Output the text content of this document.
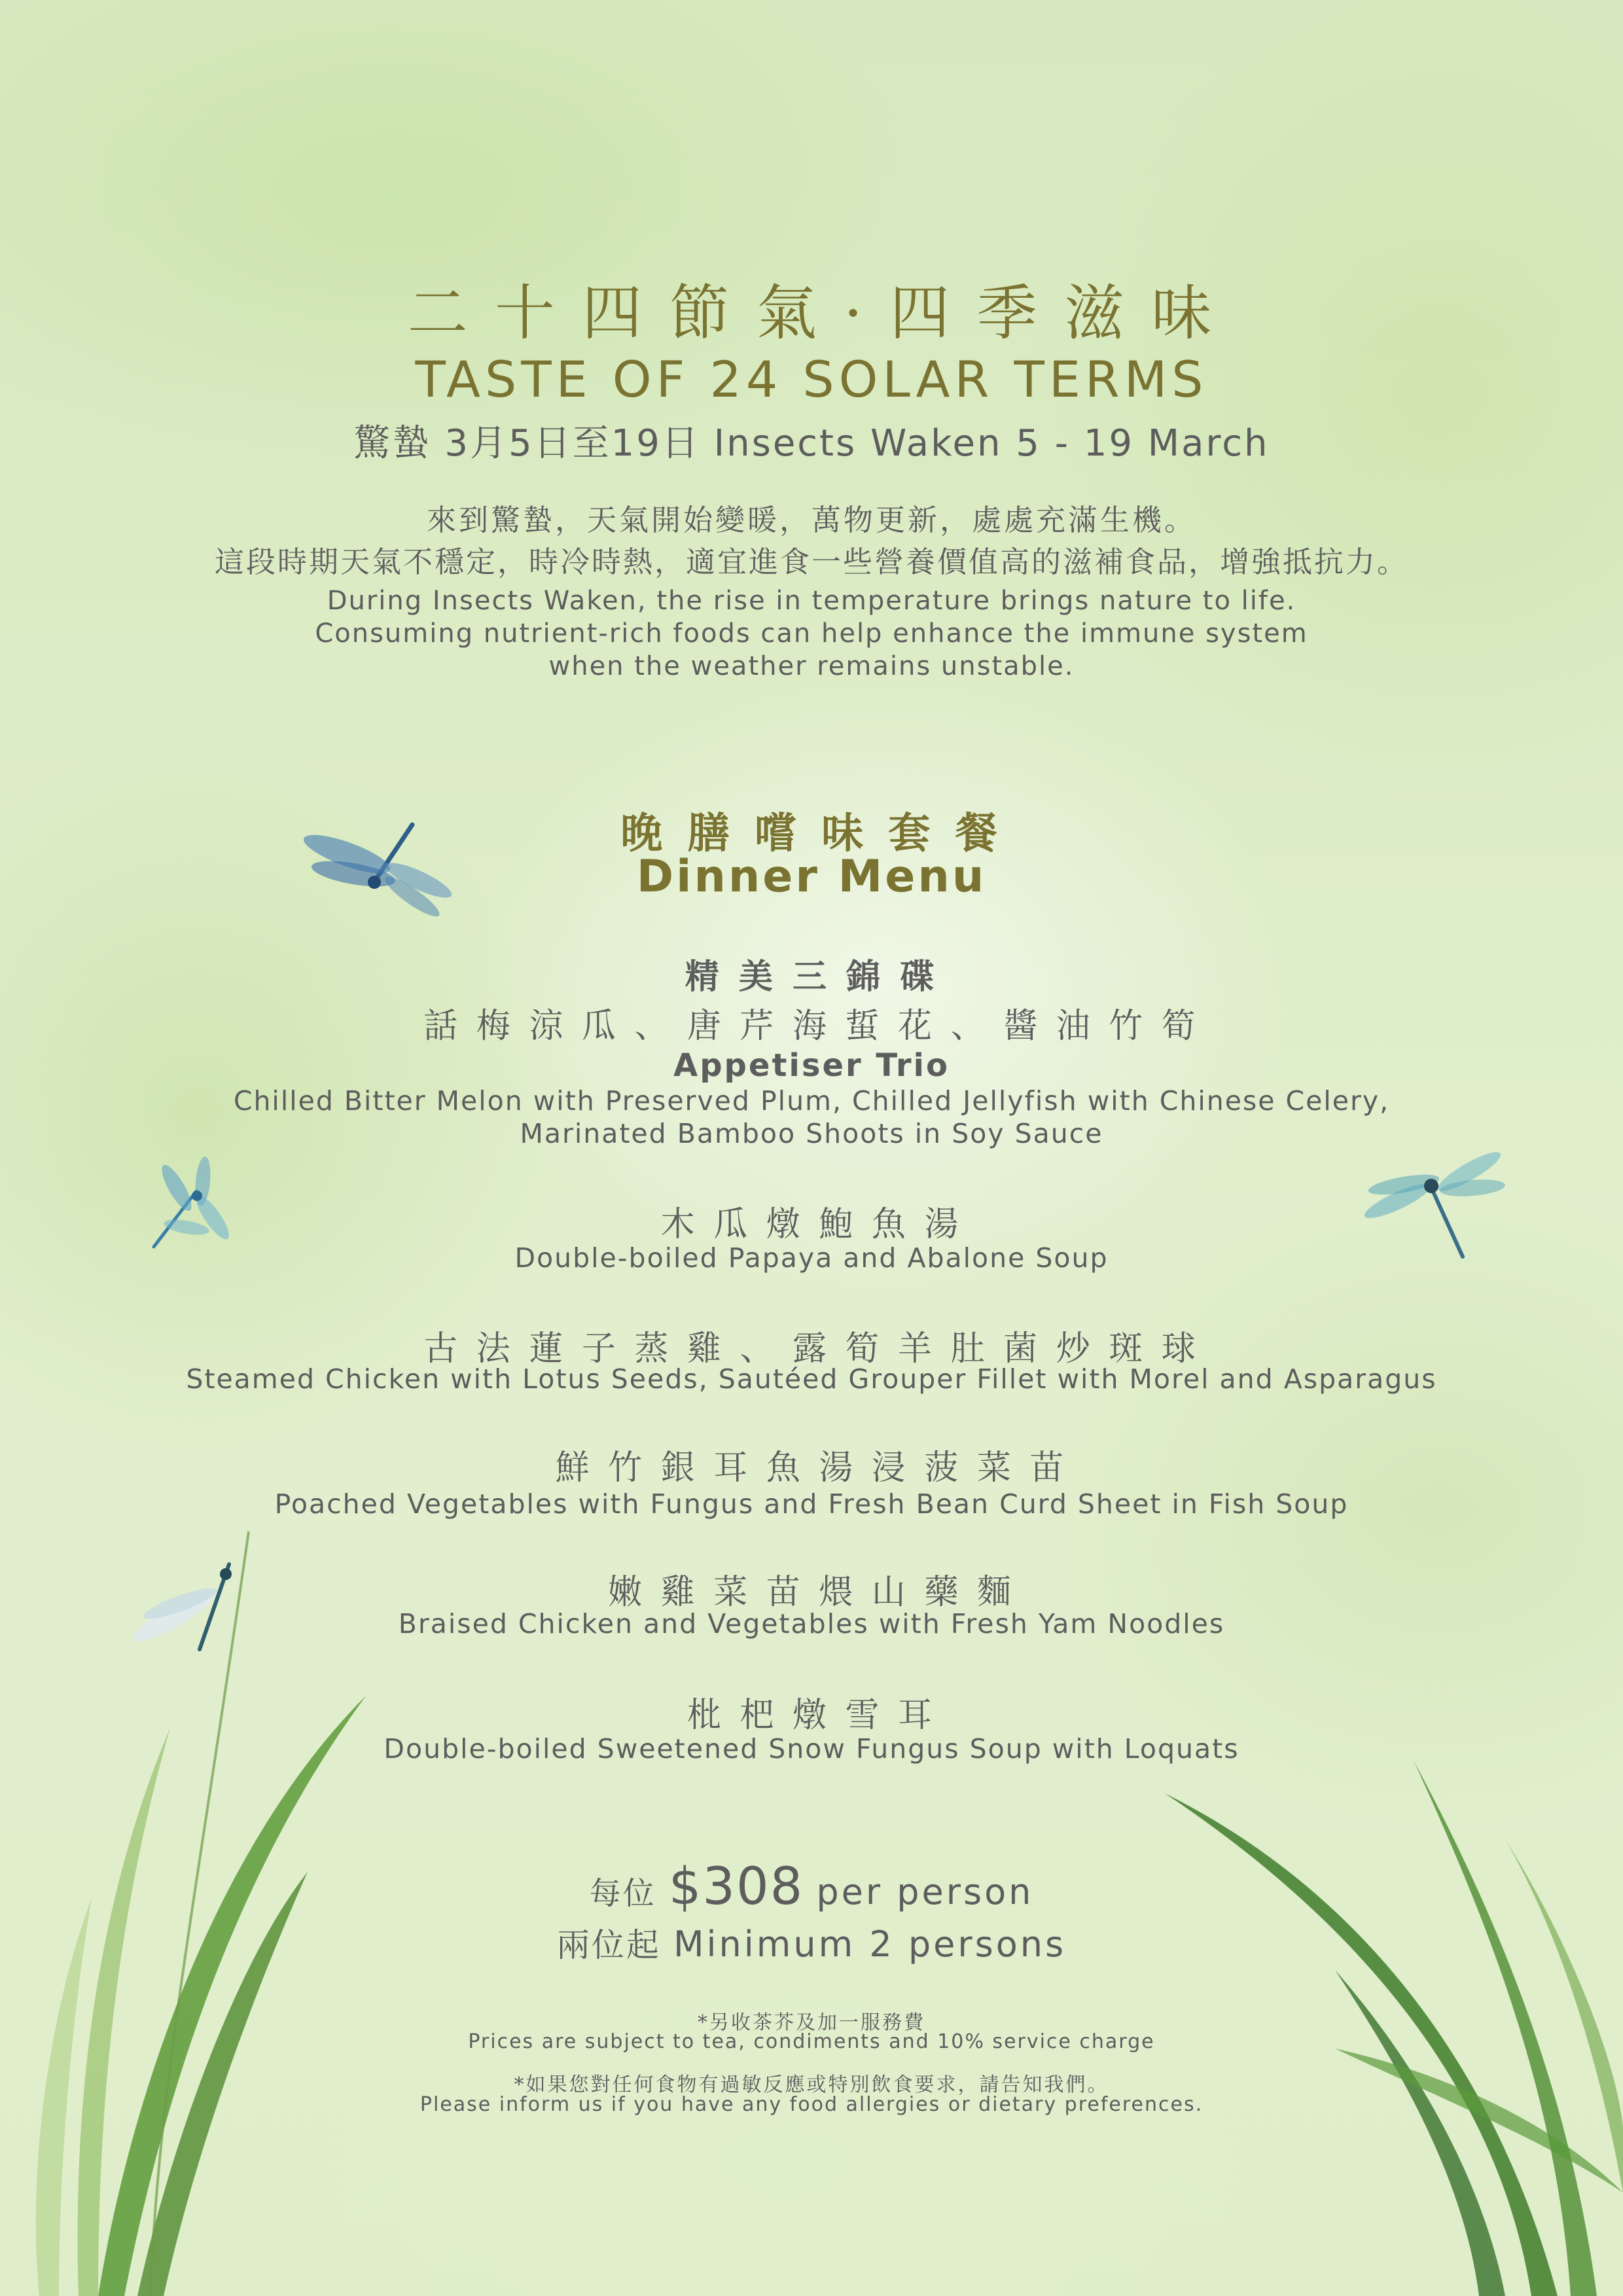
二 十 四 節 氣 · 四 季 滋 味
TASTE OF 24 SOLAR TERMS
驚蟄 3月5日至19日 Insects Waken 5 - 19 March
來到驚蟄，天氣開始變暖，萬物更新，處處充滿生機。
這段時期天氣不穩定，時冷時熱，適宜進食一些營養價值高的滋補食品，增強抵抗力。
During Insects Waken, the rise in temperature brings nature to life.
Consuming nutrient-rich foods can help enhance the immune system
when the weather remains unstable.
晚 膳 嚐 味 套 餐
Dinner Menu
精 美 三 錦 碟
話 梅 涼 瓜 、 唐 芹 海 蜇 花 、 醬 油 竹 筍
Appetiser Trio
Chilled Bitter Melon with Preserved Plum, Chilled Jellyfish with Chinese Celery,
Marinated Bamboo Shoots in Soy Sauce
木 瓜 燉 鮑 魚 湯
Double-boiled Papaya and Abalone Soup
古 法 蓮 子 蒸 雞 、 露 筍 羊 肚 菌 炒 斑 球
Steamed Chicken with Lotus Seeds, Sautéed Grouper Fillet with Morel and Asparagus
鮮 竹 銀 耳 魚 湯 浸 菠 菜 苗
Poached Vegetables with Fungus and Fresh Bean Curd Sheet in Fish Soup
嫩 雞 菜 苗 煨 山 藥 麵
Braised Chicken and Vegetables with Fresh Yam Noodles
枇 杷 燉 雪 耳
Double-boiled Sweetened Snow Fungus Soup with Loquats
每位 $308 per person
兩位起 Minimum 2 persons
*另收茶芥及加一服務費
Prices are subject to tea, condiments and 10% service charge
*如果您對任何食物有過敏反應或特別飲食要求，請告知我們。
Please inform us if you have any food allergies or dietary preferences.
